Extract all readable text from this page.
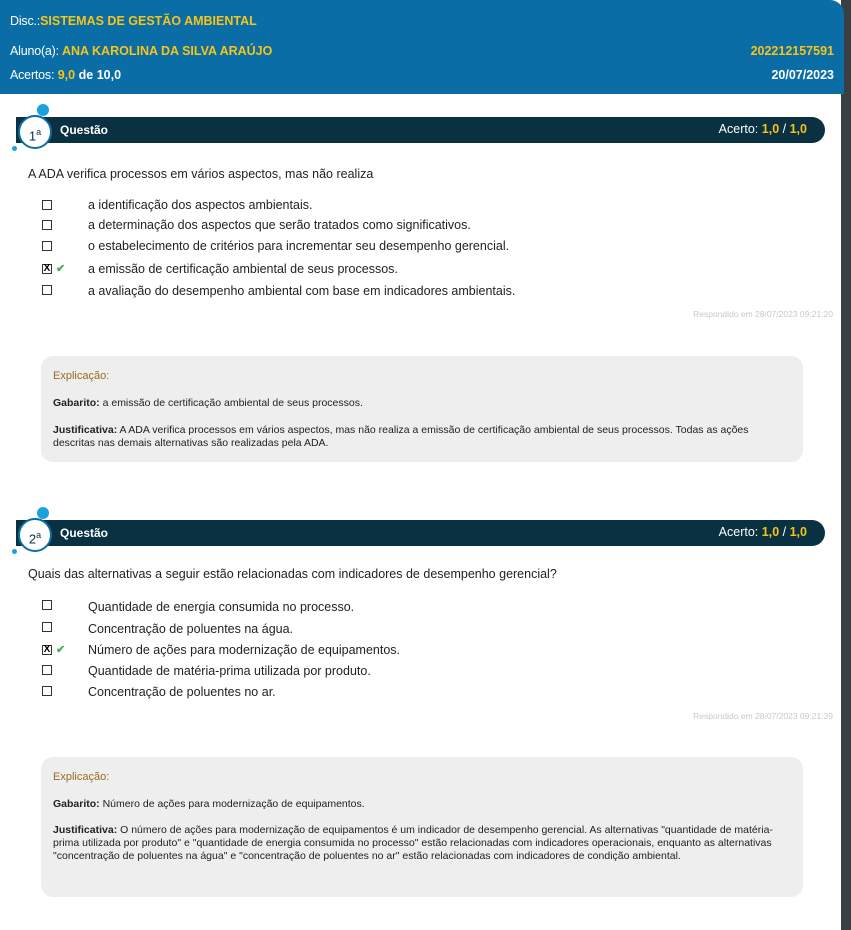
Disc.:SISTEMAS DE GESTÃO AMBIENTAL
Aluno(a): ANA KAROLINA DA SILVA ARAÚJO	202212157591
Acertos: 9,0 de 10,0	20/07/2023
Questão	Acerto: 1,0 / 1,0
1$^a$
A ADA verifica processos em vários aspectos, mas não realiza
a identificação dos aspectos ambientais.
a determinação dos aspectos que serão tratados como significativos.
o estabelecimento de critérios para incrementar seu desempenho gerencial.
X ✔ a emissão de certificação ambiental de seus processos.
a avaliação do desempenho ambiental com base em indicadores ambientais.
Respondido em 28/07/2023 09:21:20
Explicação:

Gabarito: a emissão de certificação ambiental de seus processos.

Justificativa: A ADA verifica processos em vários aspectos, mas não realiza a emissão de certificação ambiental de seus processos. Todas as ações descritas nas demais alternativas são realizadas pela ADA.

Questão	Acerto: 1,0 / 1,0
2$^a$
Quais das alternativas a seguir estão relacionadas com indicadores de desempenho gerencial?
Quantidade de energia consumida no processo.
Concentração de poluentes na água.
X ✔ Número de ações para modernização de equipamentos.
Quantidade de matéria-prima utilizada por produto.
Concentração de poluentes no ar.
Respondido em 28/07/2023 09:21:39
Explicação:

Gabarito: Número de ações para modernização de equipamentos.

Justificativa: O número de ações para modernização de equipamentos é um indicador de desempenho gerencial. As alternativas "quantidade de matéria-prima utilizada por produto" e "quantidade de energia consumida no processo" estão relacionadas com indicadores operacionais, enquanto as alternativas "concentração de poluentes na água" e "concentração de poluentes no ar" estão relacionadas com indicadores de condição ambiental.
